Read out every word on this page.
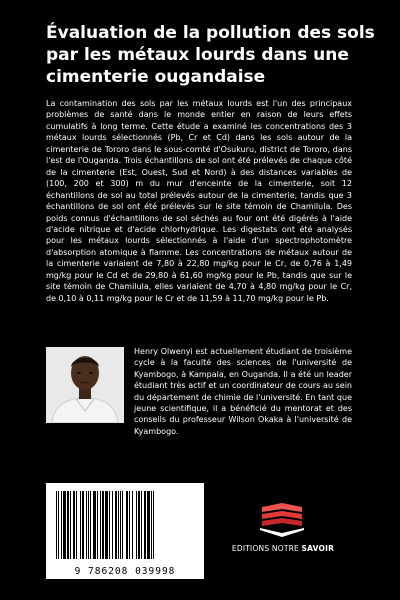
Évaluation de la pollution des sols par les métaux lourds dans une cimenterie ougandaise

La contamination des sols par les métaux lourds est l'un des principaux problèmes de santé dans le monde entier en raison de leurs effets cumulatifs à long terme. Cette étude a examiné les concentrations des 3 métaux lourds sélectionnés (Pb, Cr et Cd) dans les sols autour de la cimenterie de Tororo dans le sous-comté d'Osukuru, district de Tororo, dans l'est de l'Ouganda. Trois échantillons de sol ont été prélevés de chaque côté de la cimenterie (Est, Ouest, Sud et Nord) à des distances variables de (100, 200 et 300) m du mur d'enceinte de la cimenterie, soit 12 échantillons de sol au total prélevés autour de la cimenterie, tandis que 3 échantillons de sol ont été prélevés sur le site témoin de Chamilula. Des poids connus d'échantillons de sol séchés au four ont été digérés à l'aide d'acide nitrique et d'acide chlorhydrique. Les digestats ont été analysés pour les métaux lourds sélectionnés à l'aide d'un spectrophotomètre d'absorption atomique à flamme. Les concentrations de métaux autour de la cimenterie variaient de 7,80 à 22,80 mg/kg pour le Cr, de 0,76 à 1,49 mg/kg pour le Cd et de 29,80 à 61,60 mg/kg pour le Pb, tandis que sur le site témoin de Chamilula, elles variaient de 4,70 à 4,80 mg/kg pour le Cr, de 0,10 à 0,11 mg/kg pour le Cr et de 11,59 à 11,70 mg/kg pour le Pb.

Henry Olwenyi est actuellement étudiant de troisième cycle à la faculté des sciences de l'université de Kyambogo, à Kampala, en Ouganda. Il a été un leader étudiant très actif et un coordinateur de cours au sein du département de chimie de l'université. En tant que jeune scientifique, il a bénéficié du mentorat et des conseils du professeur Wilson Okaka à l'université de Kyambogo.

9 786208 039998
EDITIONS NOTRE SAVOIR
